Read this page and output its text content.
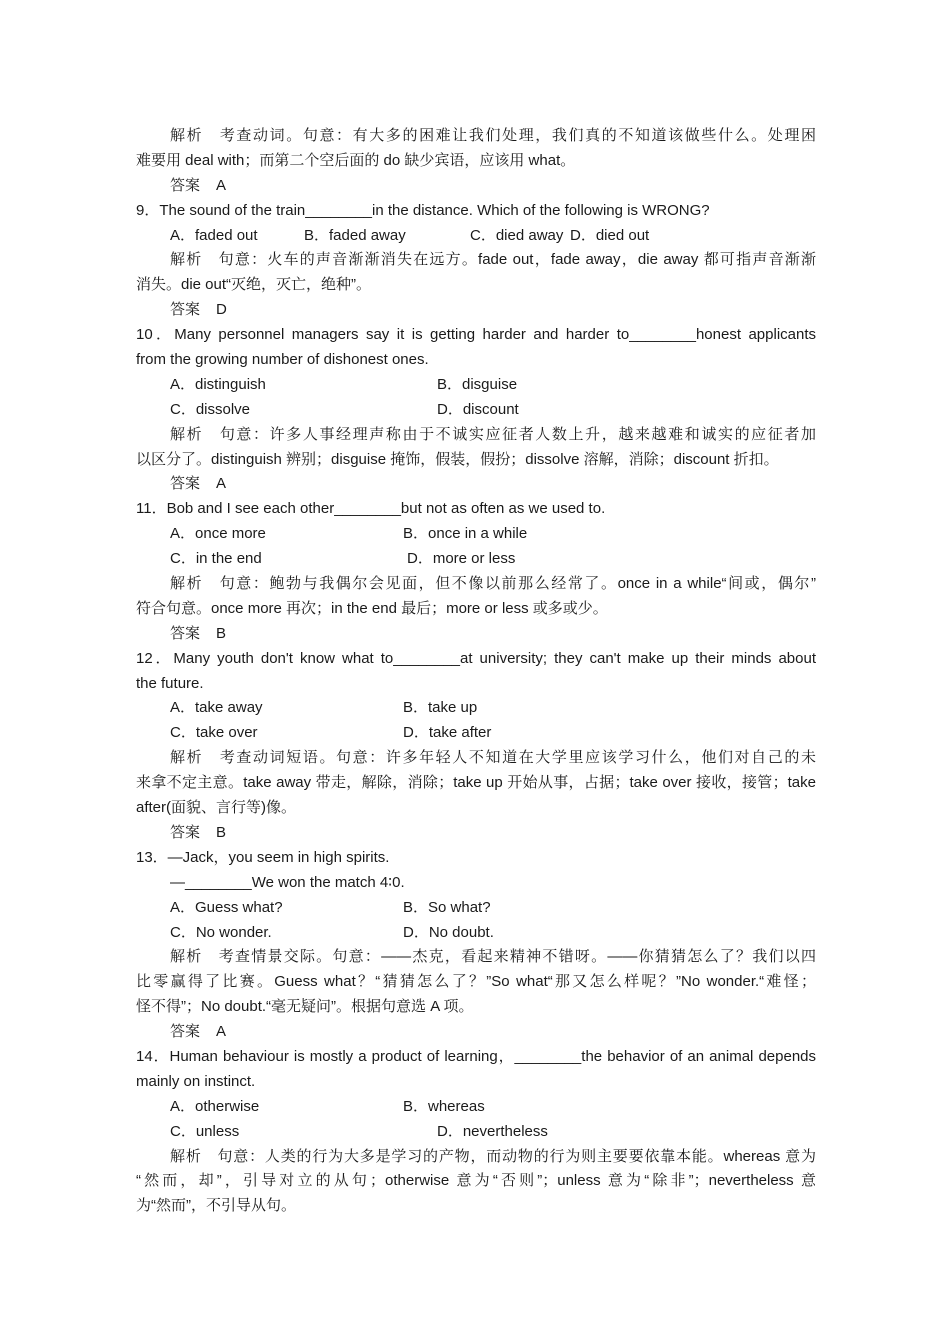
解析　考查动词。句意：有大多的困难让我们处理，我们真的不知道该做些什么。处理困
难要用 deal with；而第二个空后面的 do 缺少宾语，应该用 what。
答案 A
9．The sound of the train________in the distance. Which of the following is WRONG?
A．faded out	B．faded away	C．died away D．died out
解析　句意：火车的声音渐渐消失在远方。fade out，fade away，die away 都可指声音渐渐
消失。die out“灭绝，灭亡，绝种”。
答案 D
10．Many personnel managers say it is getting harder and harder to________honest applicants
from the growing number of dishonest ones.
A．distinguish	B．disguise
C．dissolve	D．discount
解析　句意：许多人事经理声称由于不诚实应征者人数上升，越来越难和诚实的应征者加
以区分了。distinguish 辨别；disguise 掩饰，假装，假扮；dissolve 溶解，消除；discount 折扣。
答案 A
11．Bob and I see each other________but not as often as we used to.
A．once more	B．once in a while
C．in the end	D．more or less
解析　句意：鲍勃与我偶尔会见面，但不像以前那么经常了。once in a while“间或，偶尔”
符合句意。once more 再次；in the end 最后；more or less 或多或少。
答案 B
12．Many youth don't know what to________at university; they can't make up their minds about
the future.
A．take away	B．take up
C．take over	D．take after
解析　考查动词短语。句意：许多年轻人不知道在大学里应该学习什么，他们对自己的未
来拿不定主意。take away 带走，解除，消除；take up 开始从事，占据；take over 接收，接管；take
after(面貌、言行等)像。
答案 B
13．—Jack，you seem in high spirits.
—________We won the match 4∶0.
A．Guess what?	B．So what?
C．No wonder.	D．No doubt.
解析　考查情景交际。句意：——杰克，看起来精神不错呀。——你猜猜怎么了？我们以四
比零赢得了比赛。Guess what？“猜猜怎么了？”So what“那又怎么样呢？”No wonder.“难怪；
怪不得”；No doubt.“毫无疑问”。根据句意选 A 项。
答案 A
14．Human behaviour is mostly a product of learning，________the behavior of an animal depends
mainly on instinct.
A．otherwise	B．whereas
C．unless	D．nevertheless
解析　句意：人类的行为大多是学习的产物，而动物的行为则主要要依靠本能。whereas 意为
“然而，却”，引导对立的从句；otherwise 意为“否则”；unless 意为“除非”；nevertheless 意
为“然而”，不引导从句。
